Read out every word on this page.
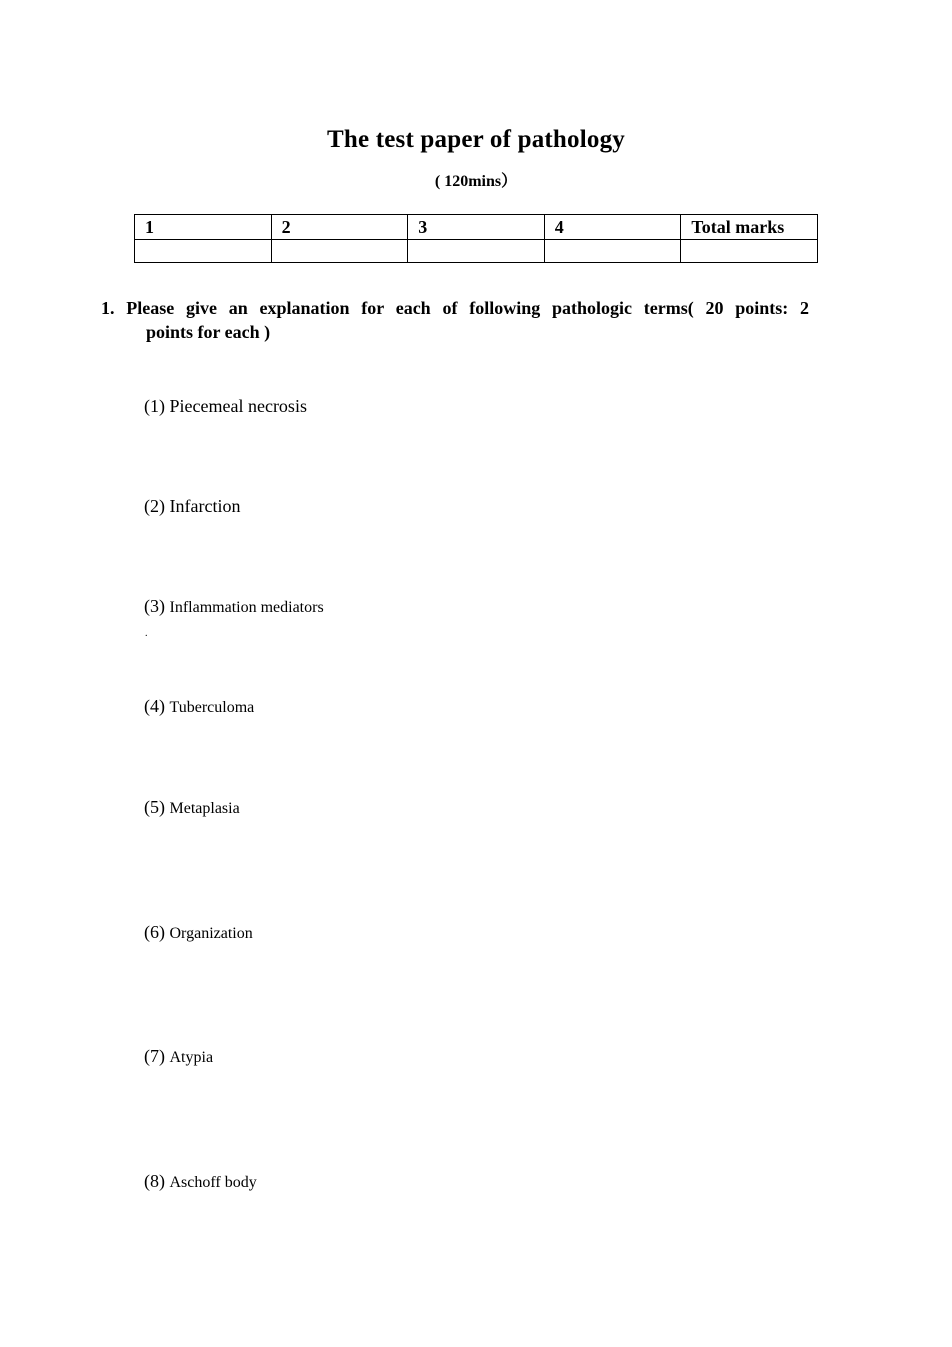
The test paper of pathology
( 120mins）
1	2	3	4	Total marks

1. Please give an explanation for each of following pathologic terms( 20 points: 2
points for each )
(1) Piecemeal necrosis
(2) Infarction
(3) Inflammation mediators
.
(4) Tuberculoma
(5) Metaplasia
(6) Organization
(7) Atypia
(8) Aschoff body
